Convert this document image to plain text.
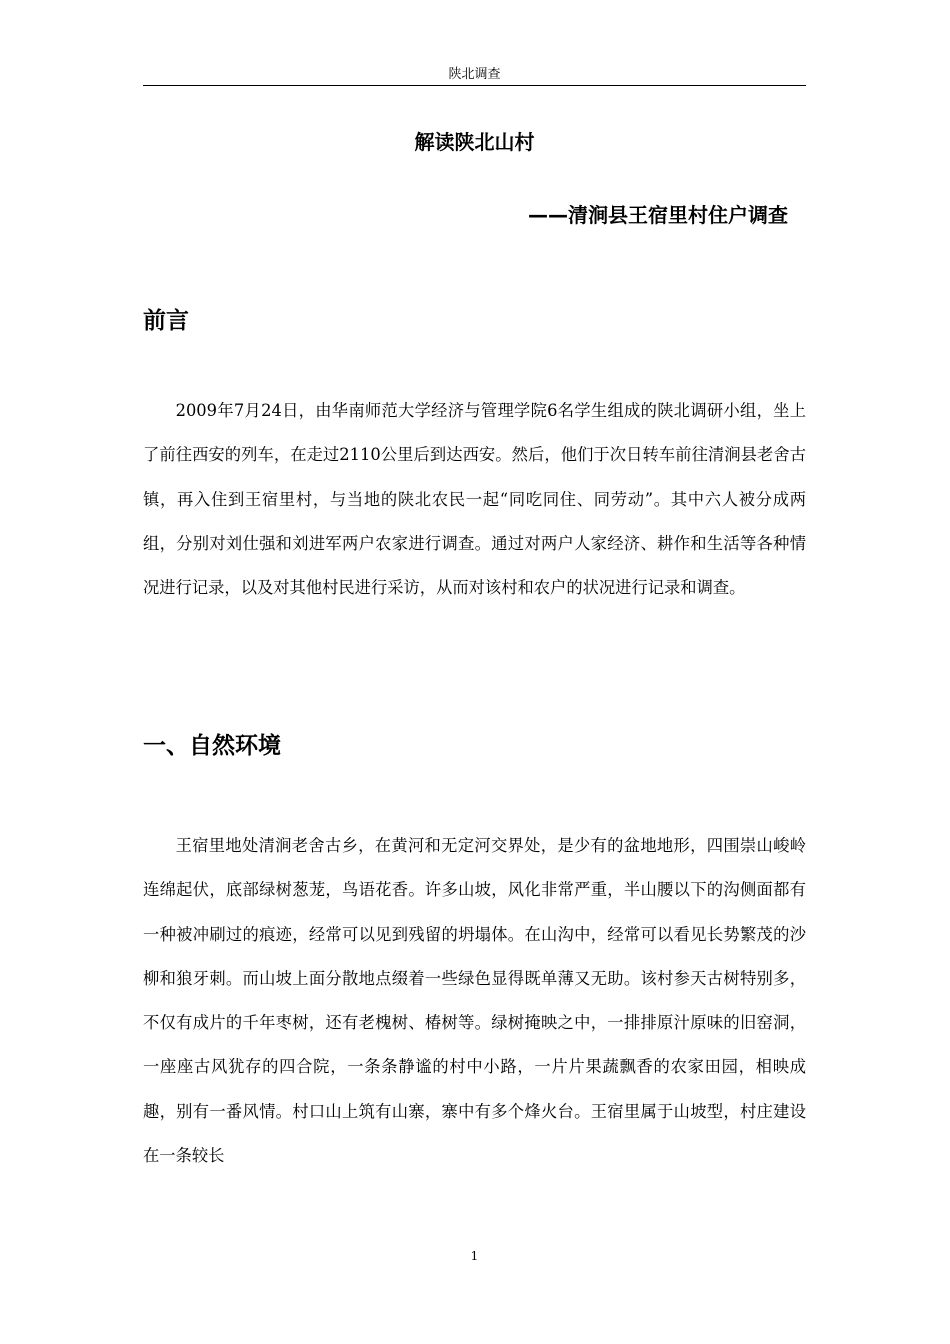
陕北调查
解读陕北山村
——清涧县王宿里村住户调查
前言

2009年7月24日，由华南师范大学经济与管理学院6名学生组成的陕北调研小组，坐上了前往西安的列车，在走过2110公里后到达西安。然后，他们于次日转车前往清涧县老舍古镇，再入住到王宿里村，与当地的陕北农民一起“同吃同住、同劳动”。其中六人被分成两组，分别对刘仕强和刘进军两户农家进行调查。通过对两户人家经济、耕作和生活等各种情况进行记录，以及对其他村民进行采访，从而对该村和农户的状况进行记录和调查。

一、自然环境

王宿里地处清涧老舍古乡，在黄河和无定河交界处，是少有的盆地地形，四围崇山峻岭连绵起伏，底部绿树葱茏，鸟语花香。许多山坡，风化非常严重，半山腰以下的沟侧面都有一种被冲刷过的痕迹，经常可以见到残留的坍塌体。在山沟中，经常可以看见长势繁茂的沙柳和狼牙刺。而山坡上面分散地点缀着一些绿色显得既单薄又无助。该村参天古树特别多，不仅有成片的千年枣树，还有老槐树、椿树等。绿树掩映之中，一排排原汁原味的旧窑洞，一座座古风犹存的四合院，一条条静谧的村中小路，一片片果蔬飘香的农家田园，相映成趣，别有一番风情。村口山上筑有山寨，寨中有多个烽火台。王宿里属于山坡型，村庄建设在一条较长

1
